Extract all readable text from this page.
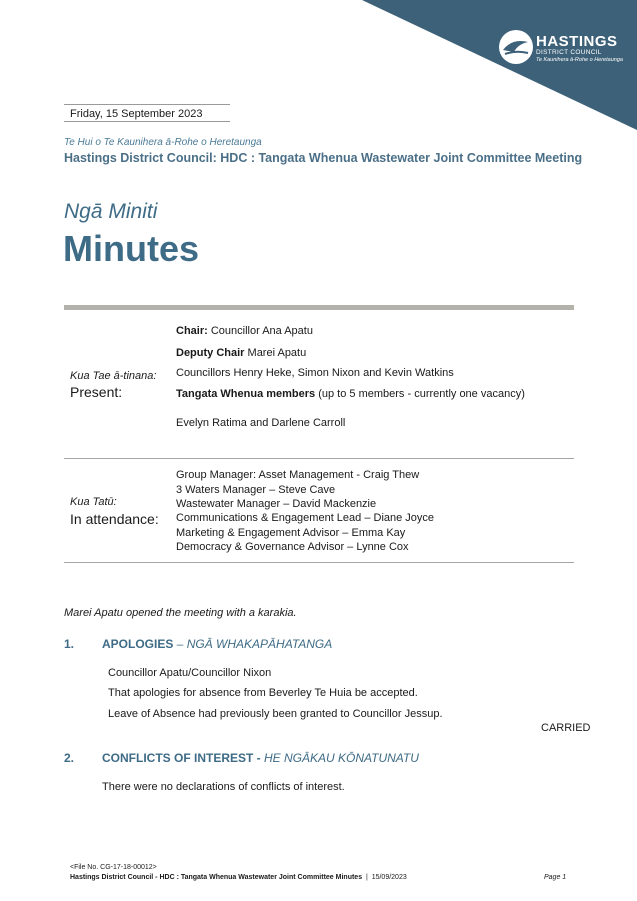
HASTINGS
DISTRICT COUNCIL
Te Kaunihera ā-Rohe o Heretaunga
Friday, 15 September 2023
Te Hui o Te Kaunihera ā-Rohe o Heretaunga
Hastings District Council: HDC : Tangata Whenua Wastewater Joint Committee Meeting
Ngā Miniti
Minutes
Kua Tae ā-tinana:
Present:
Chair: Councillor Ana Apatu
Deputy Chair Marei Apatu
Councillors Henry Heke, Simon Nixon and Kevin Watkins
Tangata Whenua members (up to 5 members - currently one vacancy)
Evelyn Ratima and Darlene Carroll
Kua Tatū:
In attendance:
Group Manager: Asset Management - Craig Thew
3 Waters Manager – Steve Cave
Wastewater Manager – David Mackenzie
Communications & Engagement Lead – Diane Joyce
Marketing & Engagement Advisor – Emma Kay
Democracy & Governance Advisor – Lynne Cox
Marei Apatu opened the meeting with a karakia.
1. APOLOGIES – NGĀ WHAKAPĀHATANGA
Councillor Apatu/Councillor Nixon
That apologies for absence from Beverley Te Huia be accepted.
Leave of Absence had previously been granted to Councillor Jessup.
CARRIED
2. CONFLICTS OF INTEREST - HE NGĀKAU KŌNATUNATU
There were no declarations of conflicts of interest.
<File No. CG-17-18-00012>
Hastings District Council - HDC : Tangata Whenua Wastewater Joint Committee Minutes  |  15/09/2023	Page 1
